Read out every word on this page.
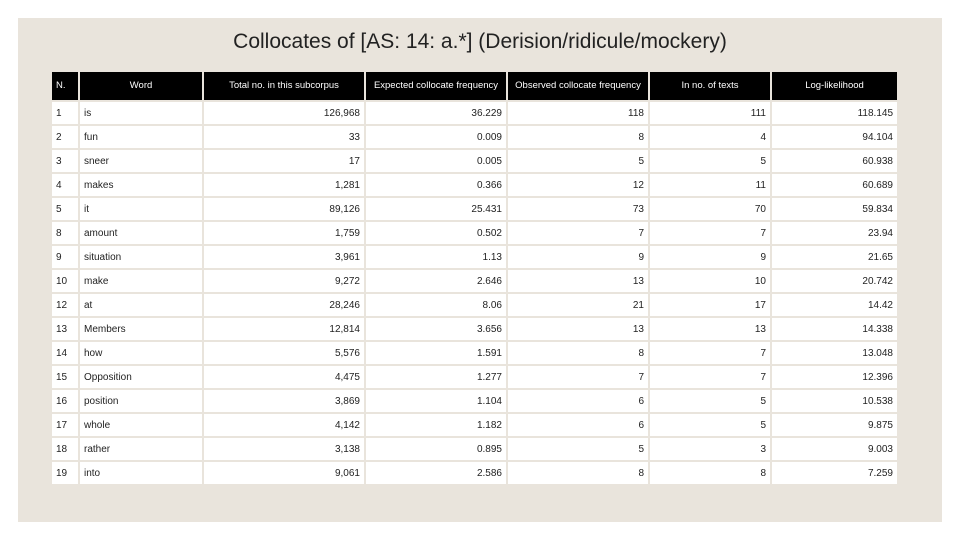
Collocates of [AS: 14: a.*] (Derision/ridicule/mockery)
N.	Word	Total no. in this subcorpus	Expected collocate frequency	Observed collocate frequency	In no. of texts	Log-likelihood
1	is	126,968	36.229	118	111	118.145
2	fun	33	0.009	8	4	94.104
3	sneer	17	0.005	5	5	60.938
4	makes	1,281	0.366	12	11	60.689
5	it	89,126	25.431	73	70	59.834
8	amount	1,759	0.502	7	7	23.94
9	situation	3,961	1.13	9	9	21.65
10	make	9,272	2.646	13	10	20.742
12	at	28,246	8.06	21	17	14.42
13	Members	12,814	3.656	13	13	14.338
14	how	5,576	1.591	8	7	13.048
15	Opposition	4,475	1.277	7	7	12.396
16	position	3,869	1.104	6	5	10.538
17	whole	4,142	1.182	6	5	9.875
18	rather	3,138	0.895	5	3	9.003
19	into	9,061	2.586	8	8	7.259
